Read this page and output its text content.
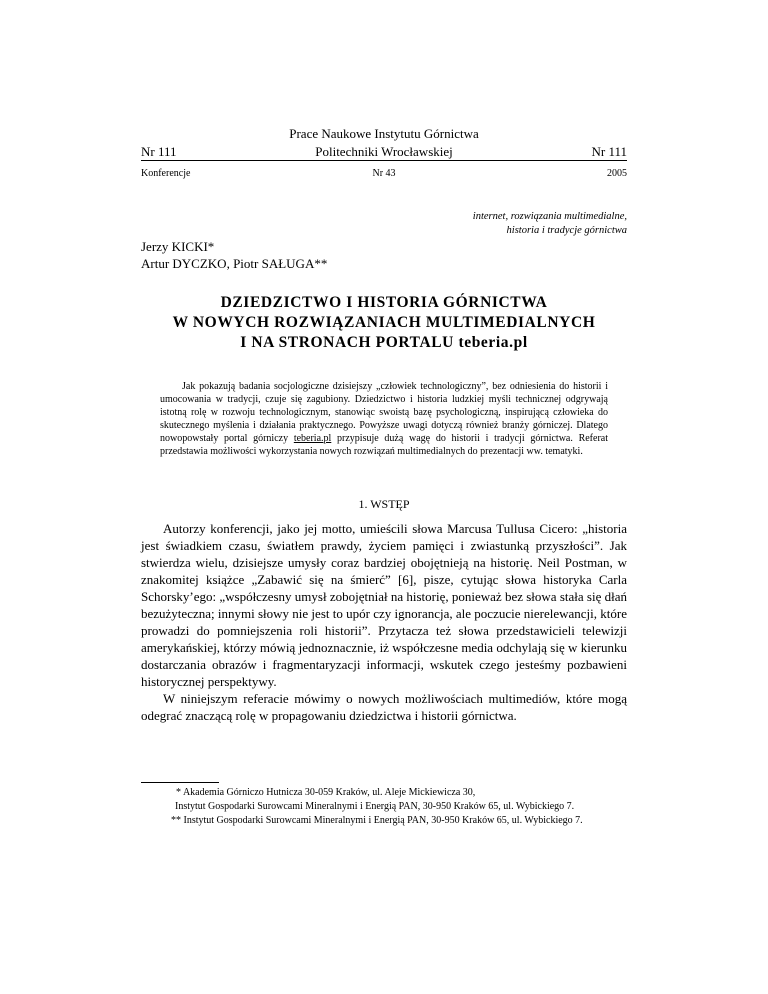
Nr 111
Prace Naukowe Instytutu Górnictwa
Politechniki Wrocławskiej	Nr 111
Konferencje	Nr 43	2005
internet, rozwiązania multimedialne,
historia i tradycje górnictwa
Jerzy KICKI*
Artur DYCZKO, Piotr SAŁUGA**
DZIEDZICTWO I HISTORIA GÓRNICTWA
W NOWYCH ROZWIĄZANIACH MULTIMEDIALNYCH
I NA STRONACH PORTALU teberia.pl
Jak pokazują badania socjologiczne dzisiejszy „człowiek technologiczny”, bez odniesienia do historii i umocowania w tradycji, czuje się zagubiony. Dziedzictwo i historia ludzkiej myśli technicznej odgrywają istotną rolę w rozwoju technologicznym, stanowiąc swoistą bazę psychologiczną, inspirującą człowieka do skutecznego myślenia i działania praktycznego. Powyższe uwagi dotyczą również branży górniczej. Dlatego nowopowstały portal górniczy teberia.pl przypisuje dużą wagę do historii i tradycji górnictwa. Referat przedstawia możliwości wykorzystania nowych rozwiązań multimedialnych do prezentacji ww. tematyki.
1. WSTĘP

Autorzy konferencji, jako jej motto, umieścili słowa Marcusa Tullusa Cicero: „historia jest świadkiem czasu, światłem prawdy, życiem pamięci i zwiastunką przyszłości”. Jak stwierdza wielu, dzisiejsze umysły coraz bardziej obojętnieją na historię. Neil Postman, w znakomitej książce „Zabawić się na śmierć” [6], pisze, cytując słowa historyka Carla Schorsky’ego: „współczesny umysł zobojętniał na historię, ponieważ bez słowa stała się dłań bezużyteczna; innymi słowy nie jest to upór czy ignorancja, ale poczucie nierelewancji, które prowadzi do pomniejszenia roli historii”. Przytacza też słowa przedstawicieli telewizji amerykańskiej, którzy mówią jednoznacznie, iż współczesne media odchylają się w kierunku dostarczania obrazów i fragmentaryzacji informacji, wskutek czego jesteśmy pozbawieni historycznej perspektywy.

W niniejszym referacie mówimy o nowych możliwościach multimediów, które mogą odegrać znaczącą rolę w propagowaniu dziedzictwa i historii górnictwa.

* Akademia Górniczo Hutnicza 30-059 Kraków, ul. Aleje Mickiewicza 30,
Instytut Gospodarki Surowcami Mineralnymi i Energią PAN, 30-950 Kraków 65, ul. Wybickiego 7.
** Instytut Gospodarki Surowcami Mineralnymi i Energią PAN, 30-950 Kraków 65, ul. Wybickiego 7.
